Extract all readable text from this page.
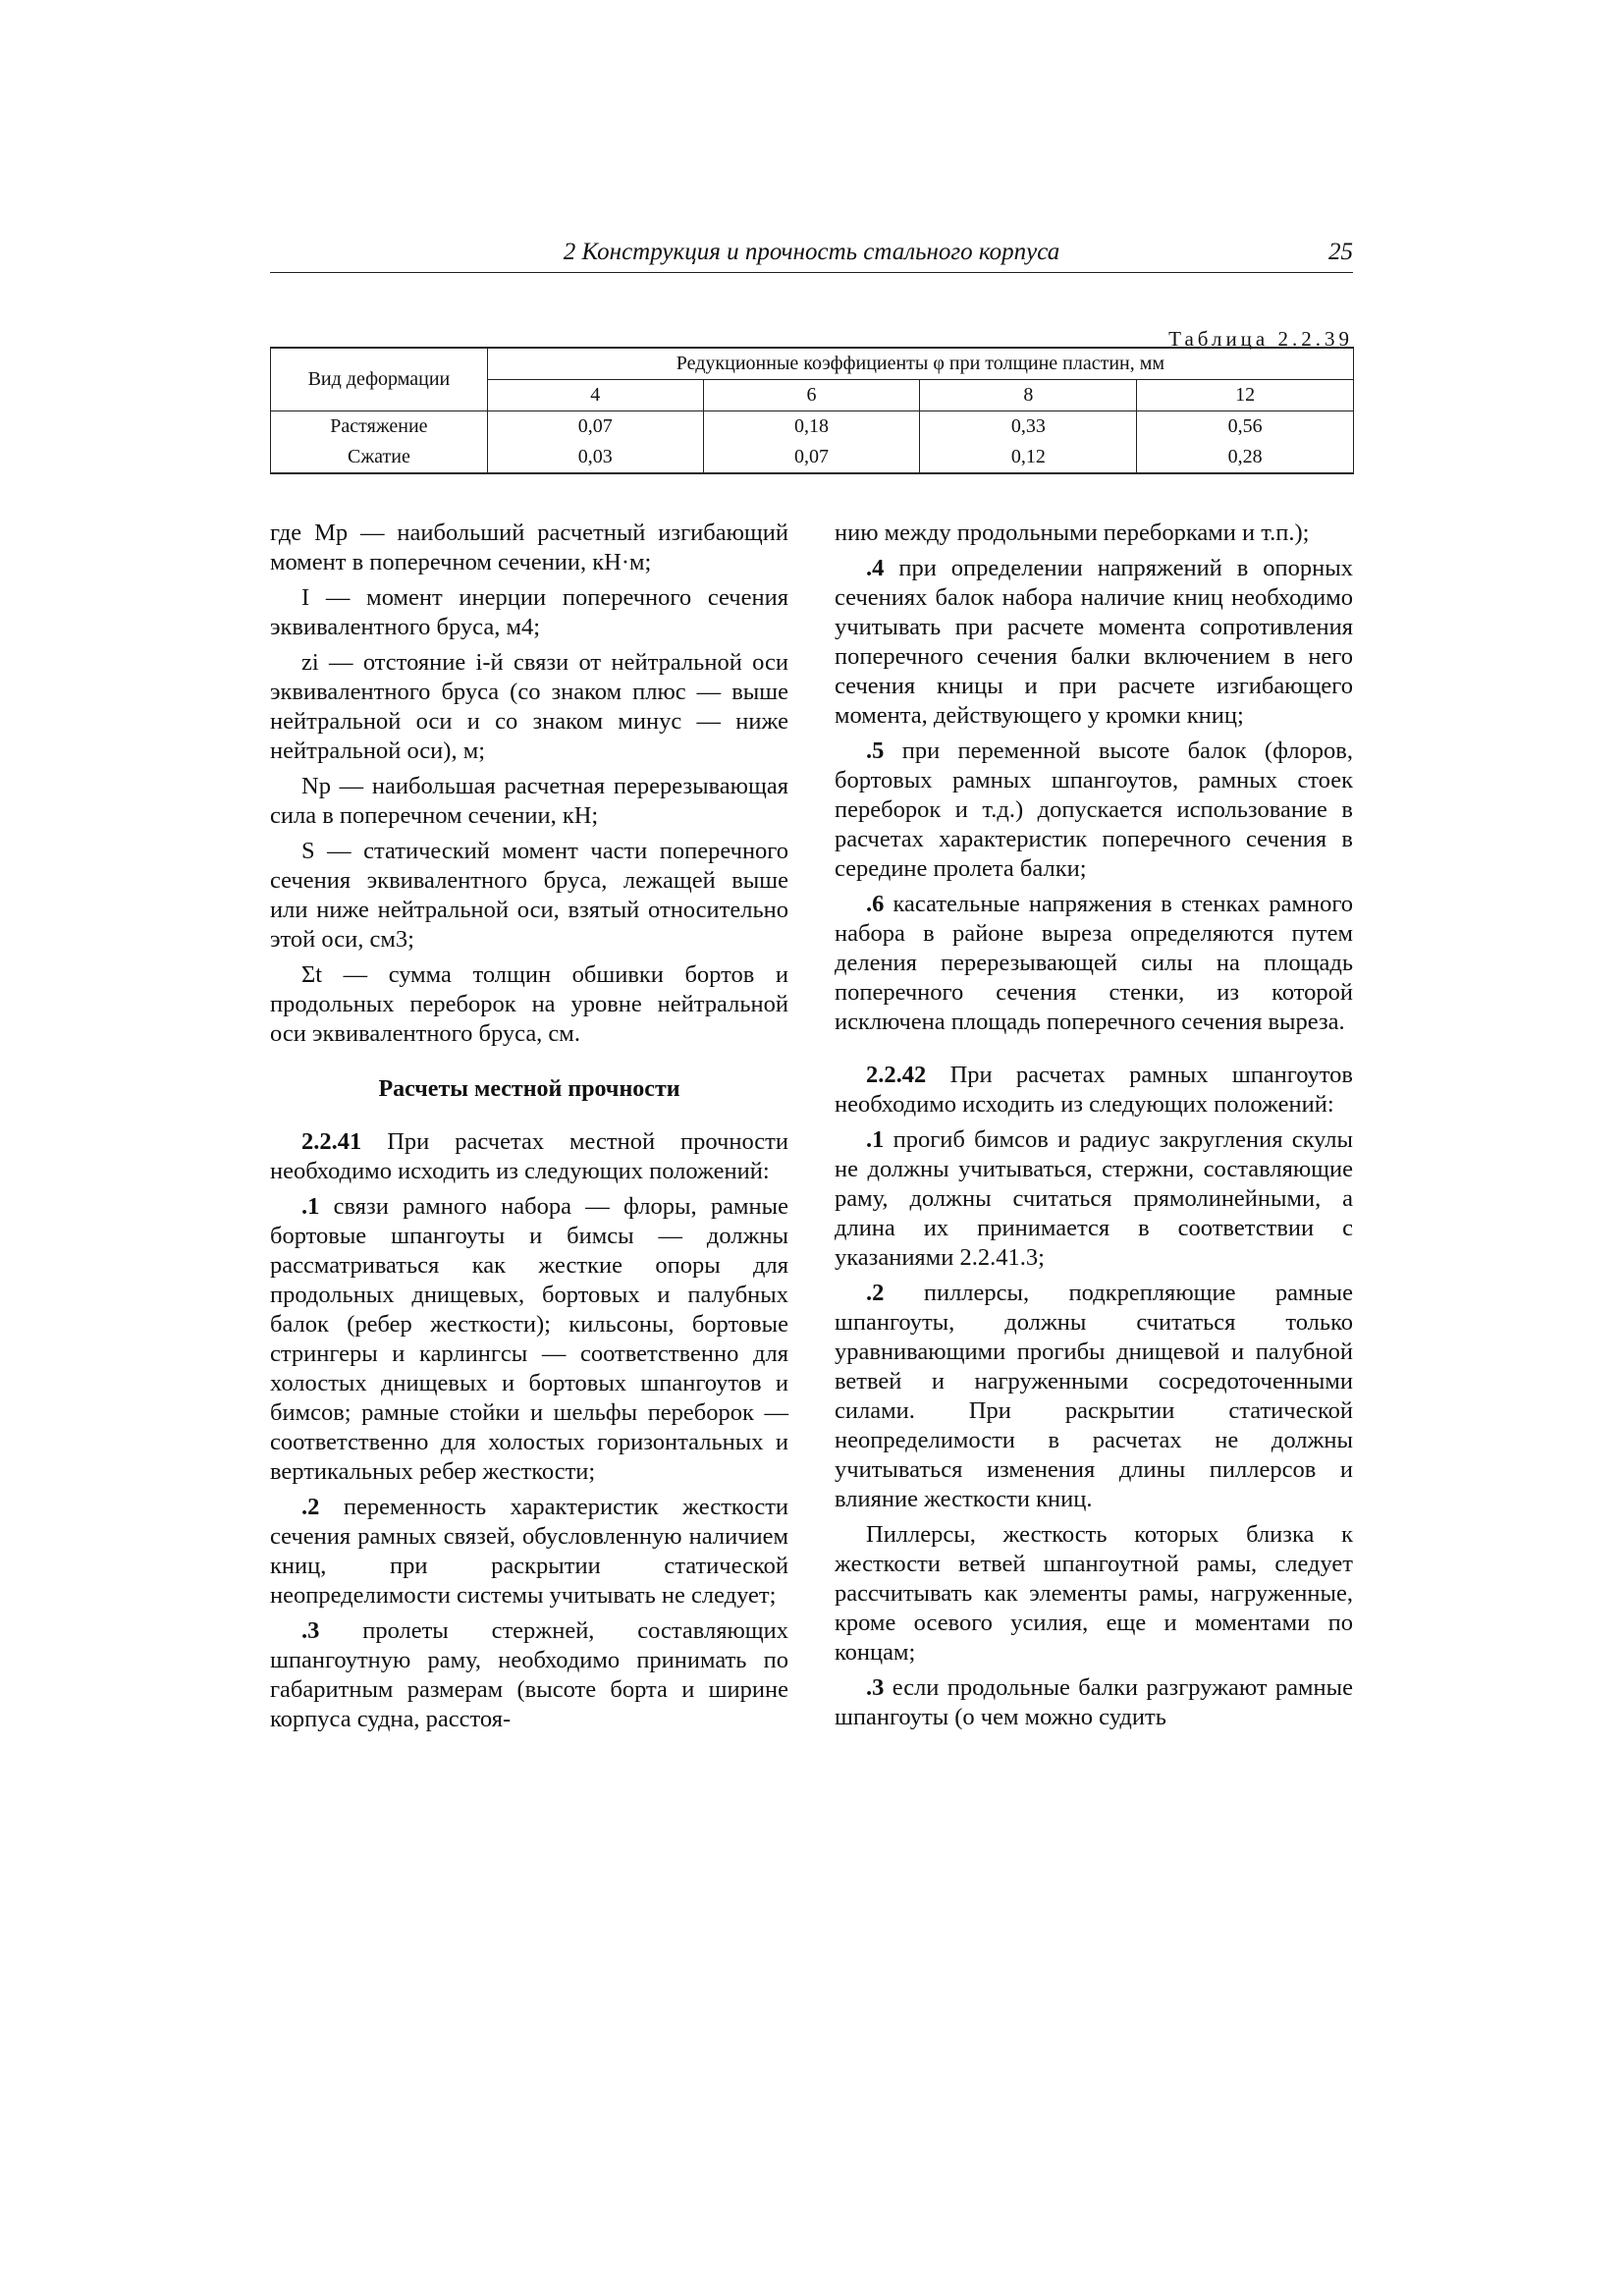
2 Конструкция и прочность стального корпуса	25
Таблица 2.2.39
Вид деформации	Редукционные коэффициенты φ при толщине пластин, мм			
	4	6	8	12
Растяжение	0,07	0,18	0,33	0,56
Сжатие	0,03	0,07	0,12	0,28

где Mр — наибольший расчетный изгибающий момент в поперечном сечении, кН·м;

I — момент инерции поперечного сечения эквивалентного бруса, м4;

zi — отстояние i-й связи от нейтральной оси эквивалентного бруса (со знаком плюс — выше нейтральной оси и со знаком минус — ниже нейтральной оси), м;

Nр — наибольшая расчетная перерезывающая сила в поперечном сечении, кН;

S — статический момент части поперечного сечения эквивалентного бруса, лежащей выше или ниже нейтральной оси, взятый относительно этой оси, см3;

Σt — сумма толщин обшивки бортов и продольных переборок на уровне нейтральной оси эквивалентного бруса, см.

Расчеты местной прочности

2.2.41 При расчетах местной прочности необходимо исходить из следующих положений:

.1 связи рамного набора — флоры, рамные бортовые шпангоуты и бимсы — должны рассматриваться как жесткие опоры для продольных днищевых, бортовых и палубных балок (ребер жесткости); кильсоны, бортовые стрингеры и карлингсы — соответственно для холостых днищевых и бортовых шпангоутов и бимсов; рамные стойки и шельфы переборок — соответственно для холостых горизонтальных и вертикальных ребер жесткости;

.2 переменность характеристик жесткости сечения рамных связей, обусловленную наличием книц, при раскрытии статической неопределимости системы учитывать не следует;

.3 пролеты стержней, составляющих шпангоутную раму, необходимо принимать по габаритным размерам (высоте борта и ширине корпуса судна, расстоя-

нию между продольными переборками и т.п.);

.4 при определении напряжений в опорных сечениях балок набора наличие книц необходимо учитывать при расчете момента сопротивления поперечного сечения балки включением в него сечения кницы и при расчете изгибающего момента, действующего у кромки книц;

.5 при переменной высоте балок (флоров, бортовых рамных шпангоутов, рамных стоек переборок и т.д.) допускается использование в расчетах характеристик поперечного сечения в середине пролета балки;

.6 касательные напряжения в стенках рамного набора в районе выреза определяются путем деления перерезывающей силы на площадь поперечного сечения стенки, из которой исключена площадь поперечного сечения выреза.

2.2.42 При расчетах рамных шпангоутов необходимо исходить из следующих положений:

.1 прогиб бимсов и радиус закругления скулы не должны учитываться, стержни, составляющие раму, должны считаться прямолинейными, а длина их принимается в соответствии с указаниями 2.2.41.3;

.2 пиллерсы, подкрепляющие рамные шпангоуты, должны считаться только уравнивающими прогибы днищевой и палубной ветвей и нагруженными сосредоточенными силами. При раскрытии статической неопределимости в расчетах не должны учитываться изменения длины пиллерсов и влияние жесткости книц.

Пиллерсы, жесткость которых близка к жесткости ветвей шпангоутной рамы, следует рассчитывать как элементы рамы, нагруженные, кроме осевого усилия, еще и моментами по концам;

.3 если продольные балки разгружают рамные шпангоуты (о чем можно судить
